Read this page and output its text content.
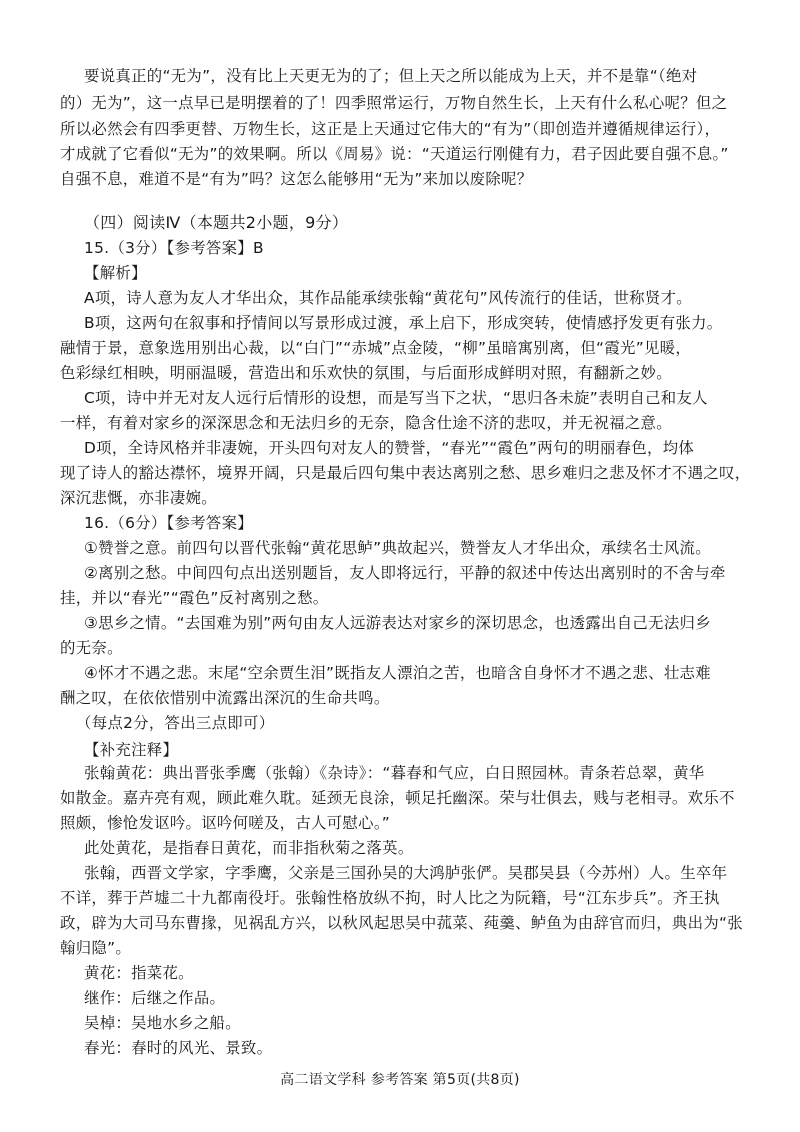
要说真正的“无为”，没有比上天更无为的了；但上天之所以能成为上天，并不是靠“（绝对
的）无为”，这一点早已是明摆着的了！四季照常运行，万物自然生长，上天有什么私心呢？但之
所以必然会有四季更替、万物生长，这正是上天通过它伟大的“有为”（即创造并遵循规律运行），
才成就了它看似“无为”的效果啊。所以《周易》说：“天道运行刚健有力，君子因此要自强不息。”
自强不息，难道不是“有为”吗？这怎么能够用“无为”来加以废除呢？
（四）阅读Ⅳ（本题共2小题，9分）
15.（3分）【参考答案】B
【解析】
A项，诗人意为友人才华出众，其作品能承续张翰“黄花句”风传流行的佳话，世称贤才。
B项，这两句在叙事和抒情间以写景形成过渡，承上启下，形成突转，使情感抒发更有张力。
融情于景，意象选用别出心裁，以“白门”“赤城”点金陵，“柳”虽暗寓别离，但“霞光”见暖，
色彩绿红相映，明丽温暖，营造出和乐欢快的氛围，与后面形成鲜明对照，有翻新之妙。
C项，诗中并无对友人远行后情形的设想，而是写当下之状，“思归各未旋”表明自己和友人
一样，有着对家乡的深深思念和无法归乡的无奈，隐含仕途不济的悲叹，并无祝福之意。
D项，全诗风格并非凄婉，开头四句对友人的赞誉，“春光”“霞色”两句的明丽春色，均体
现了诗人的豁达襟怀，境界开阔，只是最后四句集中表达离别之愁、思乡难归之悲及怀才不遇之叹，
深沉悲慨，亦非凄婉。
16.（6分）【参考答案】
①赞誉之意。前四句以晋代张翰“黄花思鲈”典故起兴，赞誉友人才华出众，承续名士风流。
②离别之愁。中间四句点出送别题旨，友人即将远行，平静的叙述中传达出离别时的不舍与牵
挂，并以“春光”“霞色”反衬离别之愁。
③思乡之情。“去国难为别”两句由友人远游表达对家乡的深切思念，也透露出自己无法归乡
的无奈。
④怀才不遇之悲。末尾“空余贾生泪”既指友人漂泊之苦，也暗含自身怀才不遇之悲、壮志难
酬之叹，在依依惜别中流露出深沉的生命共鸣。
（每点2分，答出三点即可）
【补充注释】
张翰黄花：典出晋张季鹰（张翰）《杂诗》：“暮春和气应，白日照园林。青条若总翠，黄华
如散金。嘉卉亮有观，顾此难久耽。延颈无良涂，顿足托幽深。荣与壮俱去，贱与老相寻。欢乐不
照颇，惨怆发讴吟。讴吟何嗟及，古人可慰心。”
此处黄花，是指春日黄花，而非指秋菊之落英。
张翰，西晋文学家，字季鹰，父亲是三国孙吴的大鸿胪张俨。吴郡吴县（今苏州）人。生卒年
不详，葬于芦墟二十九都南役圩。张翰性格放纵不拘，时人比之为阮籍，号“江东步兵”。齐王执
政，辟为大司马东曹掾，见祸乱方兴，以秋风起思吴中菰菜、莼羹、鲈鱼为由辞官而归，典出为“张
翰归隐”。
黄花：指菜花。
继作：后继之作品。
吴棹：吴地水乡之船。
高二语文学科 参考答案 第5页(共8页)
春光：春时的风光、景致。
